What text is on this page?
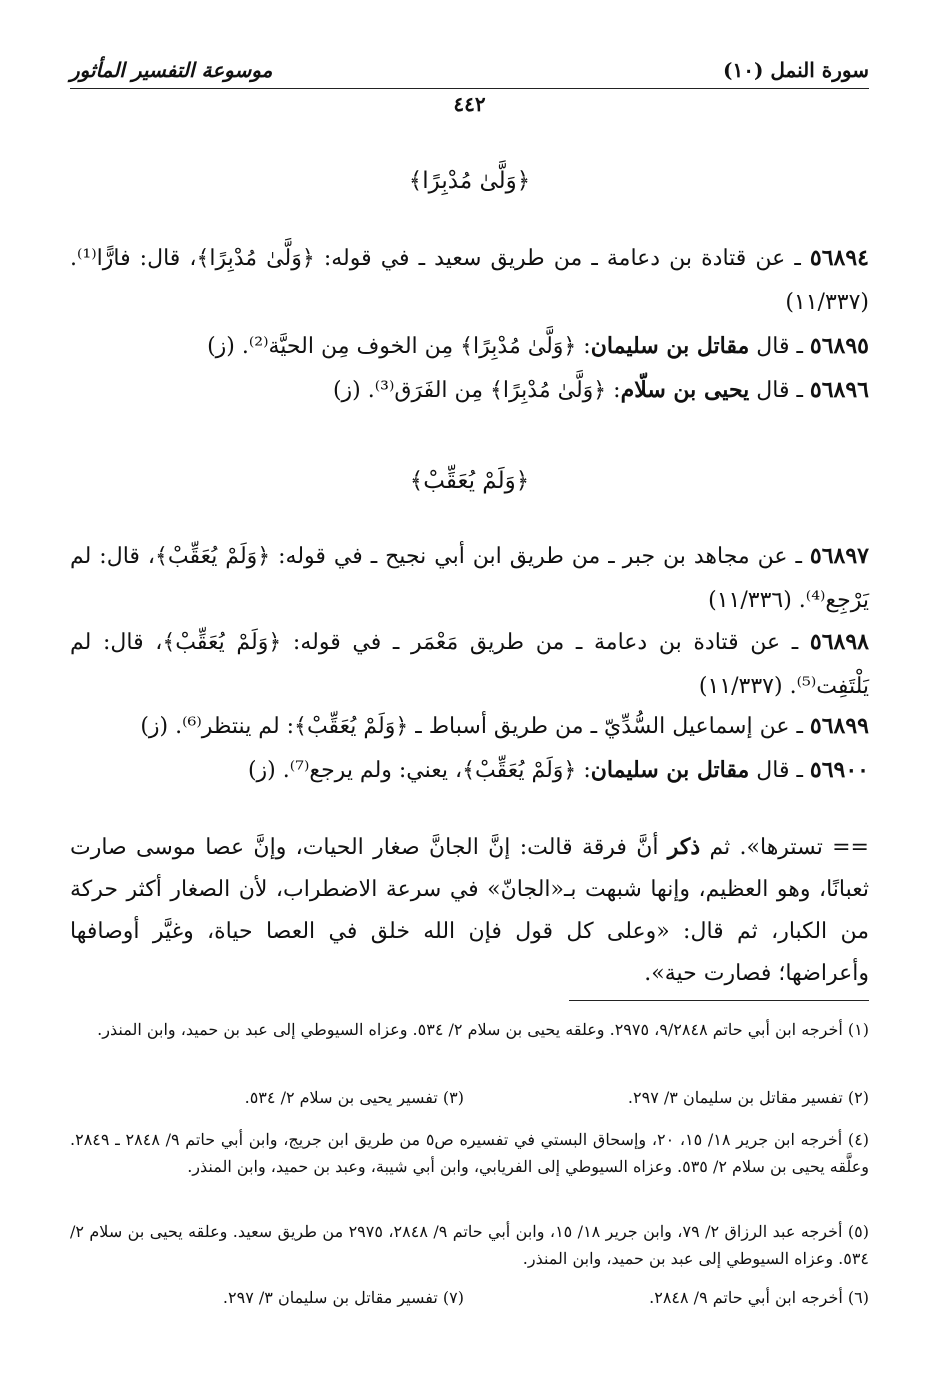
سورة النمل (١٠)
موسوعة التفسير المأثور
٤٤٢
﴿وَلَّىٰ مُدْبِرًا﴾
٥٦٨٩٤ ـ عن قتادة بن دعامة ـ من طريق سعيد ـ في قوله: ﴿وَلَّىٰ مُدْبِرًا﴾، قال: فارًّا⁽¹⁾. (١١/٣٣٧)
٥٦٨٩٥ ـ قال مقاتل بن سليمان: ﴿وَلَّىٰ مُدْبِرًا﴾ مِن الخوف مِن الحيَّة⁽²⁾. (ز)
٥٦٨٩٦ ـ قال يحيى بن سلّام: ﴿وَلَّىٰ مُدْبِرًا﴾ مِن الفَرَق⁽³⁾. (ز)
﴿وَلَمْ يُعَقِّبْ﴾
٥٦٨٩٧ ـ عن مجاهد بن جبر ـ من طريق ابن أبي نجيح ـ في قوله: ﴿وَلَمْ يُعَقِّبْ﴾، قال: لم يَرْجِع⁽⁴⁾. (١١/٣٣٦)
٥٦٨٩٨ ـ عن قتادة بن دعامة ـ من طريق مَعْمَر ـ في قوله: ﴿وَلَمْ يُعَقِّبْ﴾، قال: لم يَلْتَفِت⁽⁵⁾. (١١/٣٣٧)
٥٦٨٩٩ ـ عن إسماعيل السُّدِّيّ ـ من طريق أسباط ـ ﴿وَلَمْ يُعَقِّبْ﴾: لم ينتظر⁽⁶⁾. (ز)
٥٦٩٠٠ ـ قال مقاتل بن سليمان: ﴿وَلَمْ يُعَقِّبْ﴾، يعني: ولم يرجع⁽⁷⁾. (ز)
== تسترها». ثم ذكر أنَّ فرقة قالت: إنَّ الجانَّ صغار الحيات، وإنَّ عصا موسى صارت ثعبانًا، وهو العظيم، وإنها شبهت بـ«الجانّ» في سرعة الاضطراب، لأن الصغار أكثر حركة من الكبار، ثم قال: «وعلى كل قول فإن الله خلق في العصا حياة، وغيَّر أوصافها وأعراضها؛ فصارت حية».
(١) أخرجه ابن أبي حاتم ٩/٢٨٤٨، ٢٩٧٥. وعلقه يحيى بن سلام ٢/ ٥٣٤. وعزاه السيوطي إلى عبد بن حميد، وابن المنذر.
(٢) تفسير مقاتل بن سليمان ٣/ ٢٩٧.
(٣) تفسير يحيى بن سلام ٢/ ٥٣٤.
(٤) أخرجه ابن جرير ١٨/ ١٥، ٢٠، وإسحاق البستي في تفسيره ص٥ من طريق ابن جريج، وابن أبي حاتم ٩/ ٢٨٤٨ ـ ٢٨٤٩. وعلَّقه يحيى بن سلام ٢/ ٥٣٥. وعزاه السيوطي إلى الفريابي، وابن أبي شيبة، وعبد بن حميد، وابن المنذر.
(٥) أخرجه عبد الرزاق ٢/ ٧٩، وابن جرير ١٨/ ١٥، وابن أبي حاتم ٩/ ٢٨٤٨، ٢٩٧٥ من طريق سعيد. وعلقه يحيى بن سلام ٢/ ٥٣٤. وعزاه السيوطي إلى عبد بن حميد، وابن المنذر.
(٦) أخرجه ابن أبي حاتم ٩/ ٢٨٤٨.
(٧) تفسير مقاتل بن سليمان ٣/ ٢٩٧.
